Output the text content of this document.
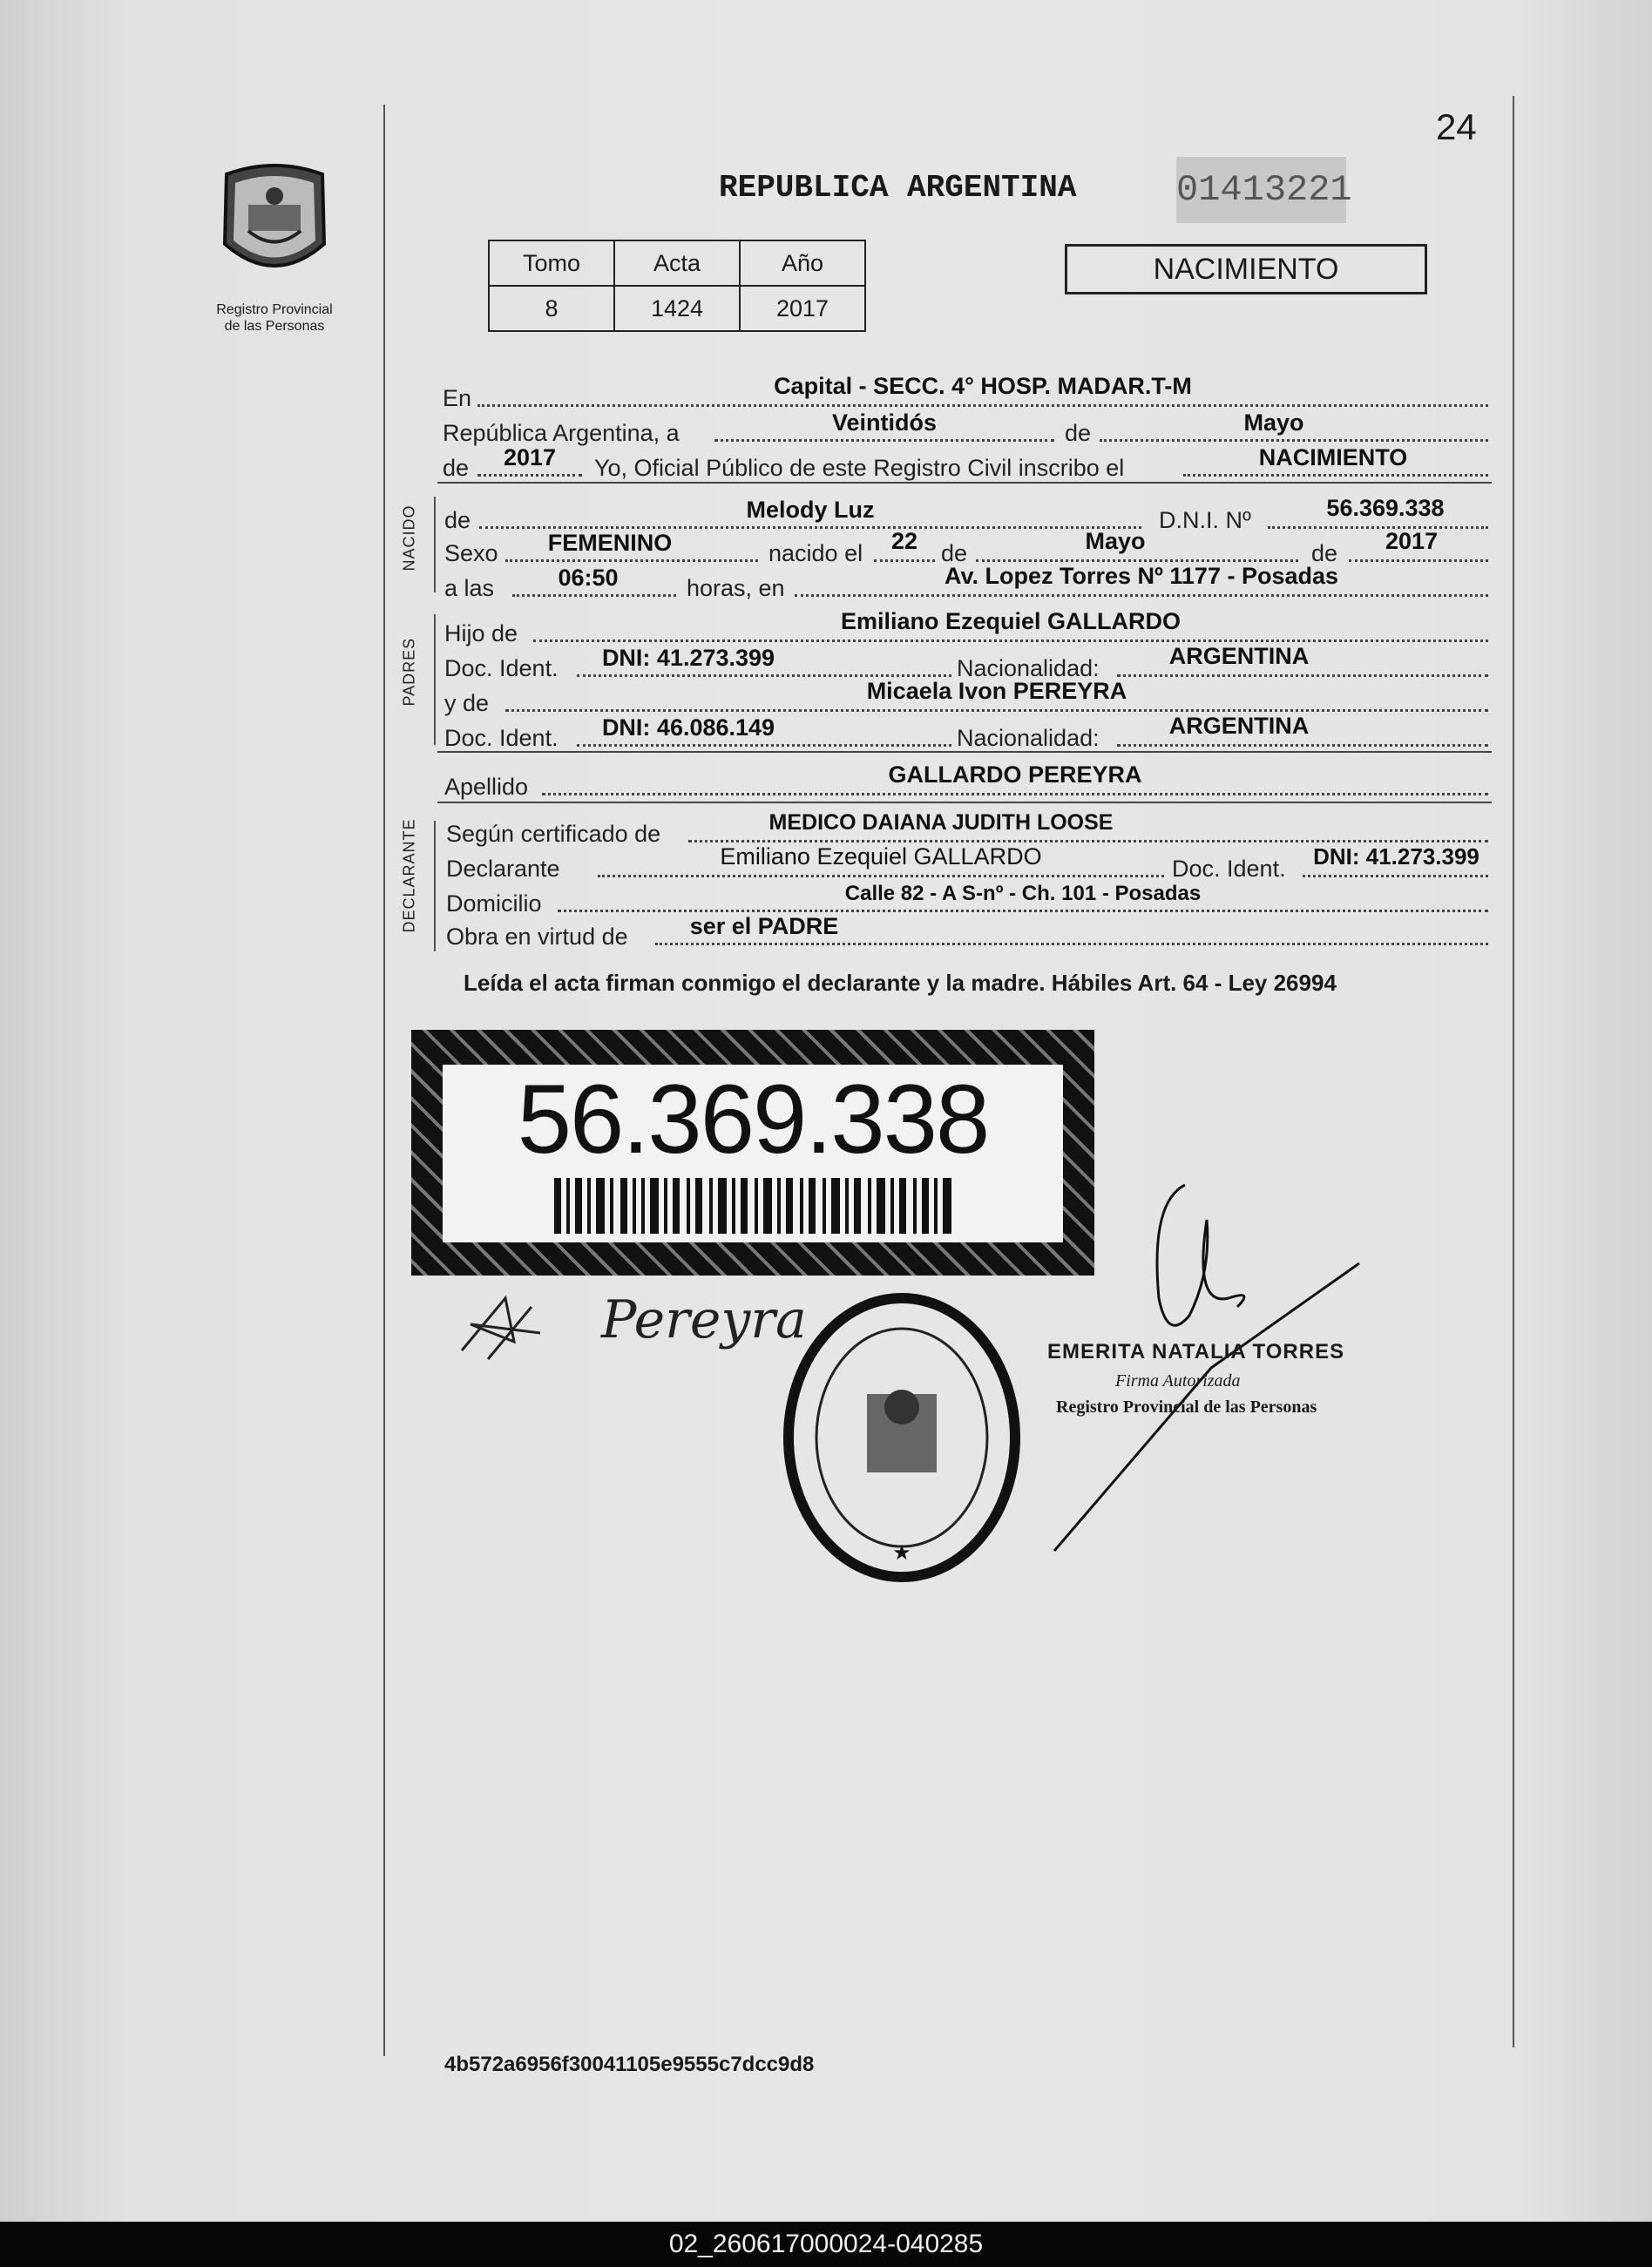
24
Registro Provincial
de las Personas
REPUBLICA ARGENTINA	01413221
Tomo	Acta	Año
8	1424	2017
NACIMIENTO
En	Capital - SECC. 4° HOSP. MADAR.T-M
República Argentina, a	Veintidós	de	Mayo
de	2017	Yo, Oficial Público de este Registro Civil inscribo el	NACIMIENTO
NACIDO de	Melody Luz	D.N.I. Nº	56.369.338
Sexo	FEMENINO	nacido el	22 de	Mayo	de	2017
a las	06:50	horas, en	Av. Lopez Torres Nº 1177 - Posadas
PADRES
Hijo de	Emiliano Ezequiel GALLARDO
Doc. Ident.	DNI: 41.273.399	Nacionalidad:	ARGENTINA
y de	Micaela Ivon PEREYRA
Doc. Ident.	DNI: 46.086.149	Nacionalidad:	ARGENTINA
Apellido	GALLARDO PEREYRA
DECLARANTE Según certificado de	MEDICO DAIANA JUDITH LOOSE
Declarante	Emiliano Ezequiel GALLARDO	Doc. Ident.	DNI: 41.273.399
Domicilio	Calle 82 - A S-nº - Ch. 101 - Posadas
Obra en virtud de	ser el PADRE
Leída el acta firman conmigo el declarante y la madre. Hábiles Art. 64 - Ley 26994
56.369.338
Pereyra
★
EMERITA NATALIA TORRES
Firma Autorizada
Registro Provincial de las Personas
4b572a6956f30041105e9555c7dcc9d8
02_260617000024-040285
